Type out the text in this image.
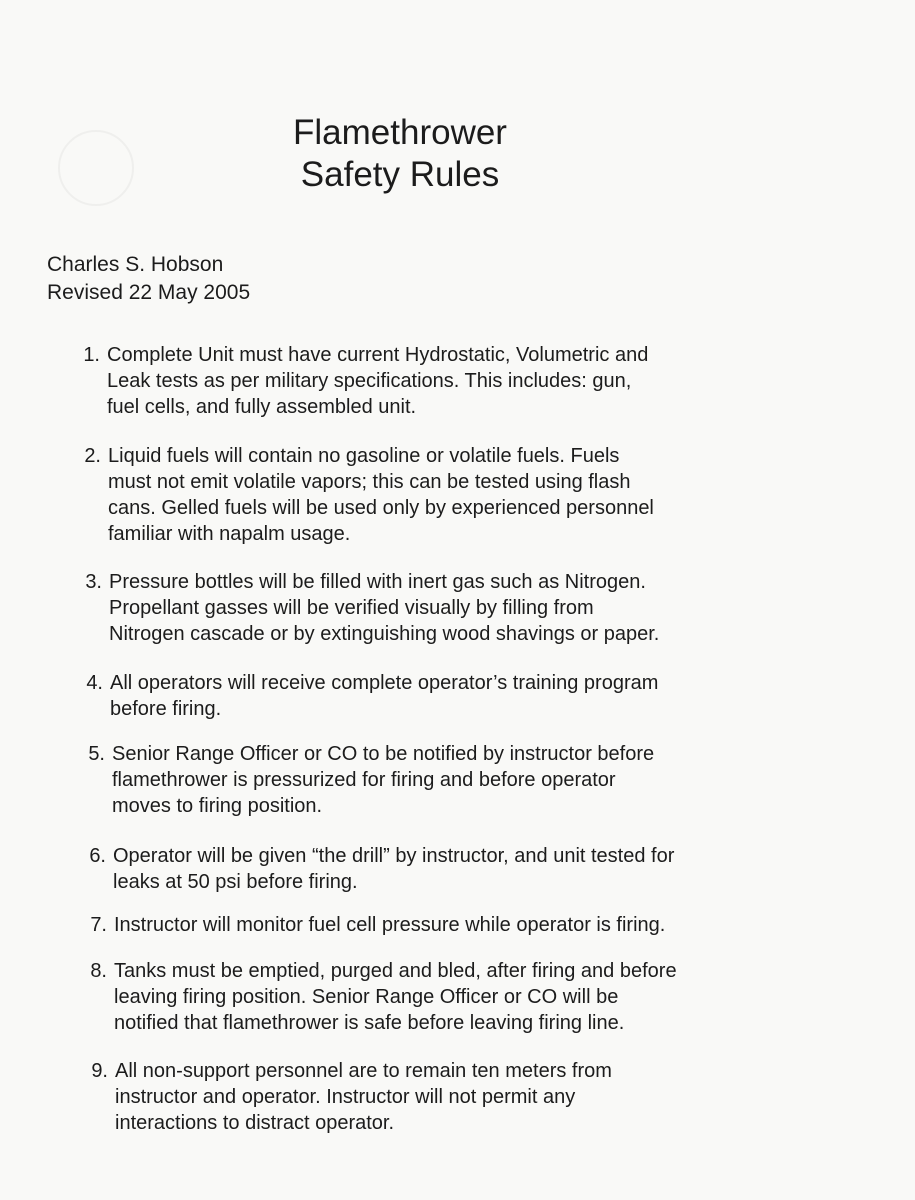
Flamethrower
Safety Rules
Charles S. Hobson
Revised 22 May 2005
1. Complete Unit must have current Hydrostatic, Volumetric and
Leak tests as per military specifications. This includes: gun,
fuel cells, and fully assembled unit.
2. Liquid fuels will contain no gasoline or volatile fuels. Fuels
must not emit volatile vapors; this can be tested using flash
cans. Gelled fuels will be used only by experienced personnel
familiar with napalm usage.
3. Pressure bottles will be filled with inert gas such as Nitrogen.
Propellant gasses will be verified visually by filling from
Nitrogen cascade or by extinguishing wood shavings or paper.
4. All operators will receive complete operator’s training program
before firing.
5. Senior Range Officer or CO to be notified by instructor before
flamethrower is pressurized for firing and before operator
moves to firing position.
6. Operator will be given “the drill” by instructor, and unit tested for
leaks at 50 psi before firing.
7. Instructor will monitor fuel cell pressure while operator is firing.
8. Tanks must be emptied, purged and bled, after firing and before
leaving firing position. Senior Range Officer or CO will be
notified that flamethrower is safe before leaving firing line.
9. All non-support personnel are to remain ten meters from
instructor and operator. Instructor will not permit any
interactions to distract operator.
